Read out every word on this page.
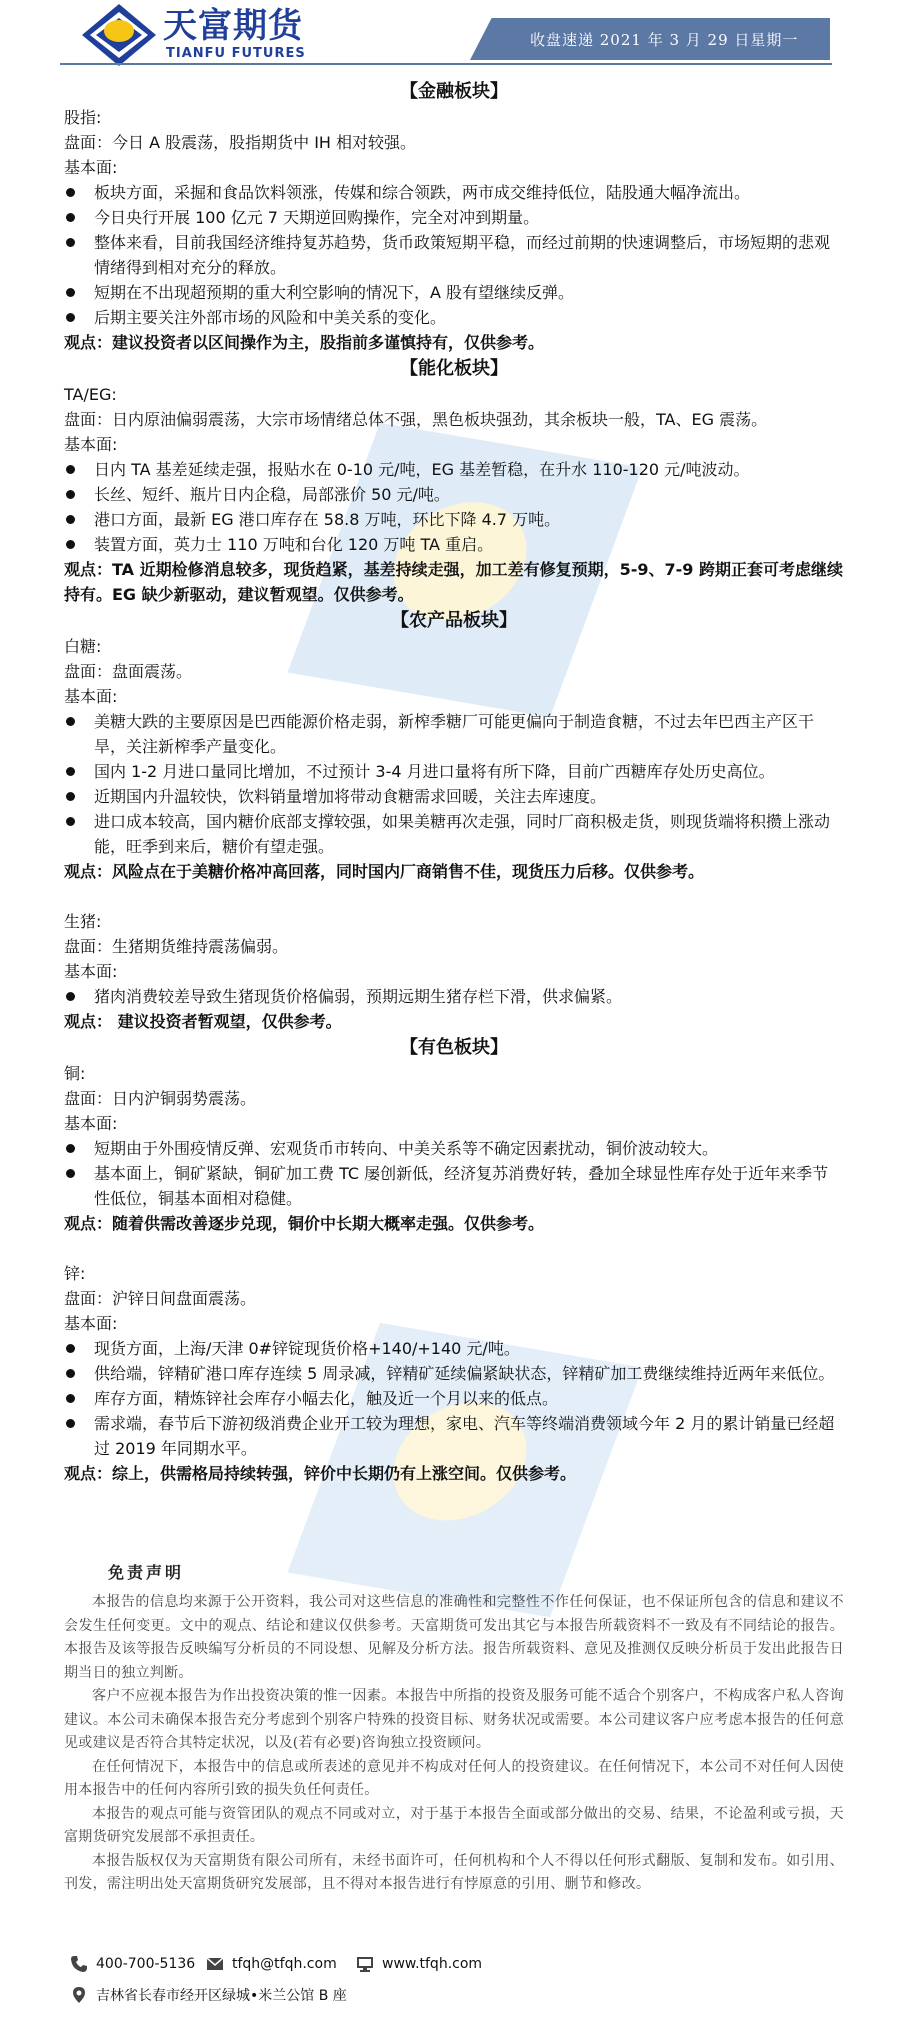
天富期货
TIANFU FUTURES
收盘速递 2021 年 3 月 29 日星期一
【金融板块】
股指:
盘面：今日 A 股震荡，股指期货中 IH 相对较强。
基本面:
板块方面，采掘和食品饮料领涨，传媒和综合领跌，两市成交维持低位，陆股通大幅净流出。
今日央行开展 100 亿元 7 天期逆回购操作，完全对冲到期量。
整体来看，目前我国经济维持复苏趋势，货币政策短期平稳，而经过前期的快速调整后，市场短期的悲观情绪得到相对充分的释放。
短期在不出现超预期的重大利空影响的情况下，A 股有望继续反弹。
后期主要关注外部市场的风险和中美关系的变化。
观点：建议投资者以区间操作为主，股指前多谨慎持有，仅供参考。
【能化板块】
TA/EG:
盘面：日内原油偏弱震荡，大宗市场情绪总体不强，黑色板块强劲，其余板块一般，TA、EG 震荡。
基本面:
日内 TA 基差延续走强，报贴水在 0-10 元/吨，EG 基差暂稳，在升水 110-120 元/吨波动。
长丝、短纤、瓶片日内企稳，局部涨价 50 元/吨。
港口方面，最新 EG 港口库存在 58.8 万吨，环比下降 4.7 万吨。
装置方面，英力士 110 万吨和台化 120 万吨 TA 重启。
观点：TA 近期检修消息较多，现货趋紧，基差持续走强，加工差有修复预期，5-9、7-9 跨期正套可考虑继续持有。EG 缺少新驱动，建议暂观望。仅供参考。
【农产品板块】
白糖:
盘面：盘面震荡。
基本面:
美糖大跌的主要原因是巴西能源价格走弱，新榨季糖厂可能更偏向于制造食糖，不过去年巴西主产区干旱，关注新榨季产量变化。
国内 1-2 月进口量同比增加，不过预计 3-4 月进口量将有所下降，目前广西糖库存处历史高位。
近期国内升温较快，饮料销量增加将带动食糖需求回暖，关注去库速度。
进口成本较高，国内糖价底部支撑较强，如果美糖再次走强，同时厂商积极走货，则现货端将积攒上涨动能，旺季到来后，糖价有望走强。
观点：风险点在于美糖价格冲高回落，同时国内厂商销售不佳，现货压力后移。仅供参考。
生猪:
盘面：生猪期货维持震荡偏弱。
基本面:
猪肉消费较差导致生猪现货价格偏弱，预期远期生猪存栏下滑，供求偏紧。
观点： 建议投资者暂观望，仅供参考。
【有色板块】
铜:
盘面：日内沪铜弱势震荡。
基本面:
短期由于外围疫情反弹、宏观货币市转向、中美关系等不确定因素扰动，铜价波动较大。
基本面上，铜矿紧缺，铜矿加工费 TC 屡创新低，经济复苏消费好转，叠加全球显性库存处于近年来季节性低位，铜基本面相对稳健。
观点：随着供需改善逐步兑现，铜价中长期大概率走强。仅供参考。
锌:
盘面：沪锌日间盘面震荡。
基本面:
现货方面，上海/天津 0#锌锭现货价格+140/+140 元/吨。
供给端，锌精矿港口库存连续 5 周录减，锌精矿延续偏紧缺状态，锌精矿加工费继续维持近两年来低位。
库存方面，精炼锌社会库存小幅去化，触及近一个月以来的低点。
需求端，春节后下游初级消费企业开工较为理想，家电、汽车等终端消费领域今年 2 月的累计销量已经超过 2019 年同期水平。
观点：综上，供需格局持续转强，锌价中长期仍有上涨空间。仅供参考。
免责声明

本报告的信息均来源于公开资料，我公司对这些信息的准确性和完整性不作任何保证，也不保证所包含的信息和建议不会发生任何变更。文中的观点、结论和建议仅供参考。天富期货可发出其它与本报告所载资料不一致及有不同结论的报告。本报告及该等报告反映编写分析员的不同设想、见解及分析方法。报告所载资料、意见及推测仅反映分析员于发出此报告日期当日的独立判断。

客户不应视本报告为作出投资决策的惟一因素。本报告中所指的投资及服务可能不适合个别客户，不构成客户私人咨询建议。本公司未确保本报告充分考虑到个别客户特殊的投资目标、财务状况或需要。本公司建议客户应考虑本报告的任何意见或建议是否符合其特定状况，以及(若有必要)咨询独立投资顾问。

在任何情况下，本报告中的信息或所表述的意见并不构成对任何人的投资建议。在任何情况下，本公司不对任何人因使用本报告中的任何内容所引致的损失负任何责任。

本报告的观点可能与资管团队的观点不同或对立，对于基于本报告全面或部分做出的交易、结果，不论盈利或亏损，天富期货研究发展部不承担责任。

本报告版权仅为天富期货有限公司所有，未经书面许可，任何机构和个人不得以任何形式翻版、复制和发布。如引用、刊发，需注明出处天富期货研究发展部，且不得对本报告进行有悖原意的引用、删节和修改。

400-700-5136	tfqh@tfqh.com	www.tfqh.com
吉林省长春市经开区绿城•米兰公馆 B 座
